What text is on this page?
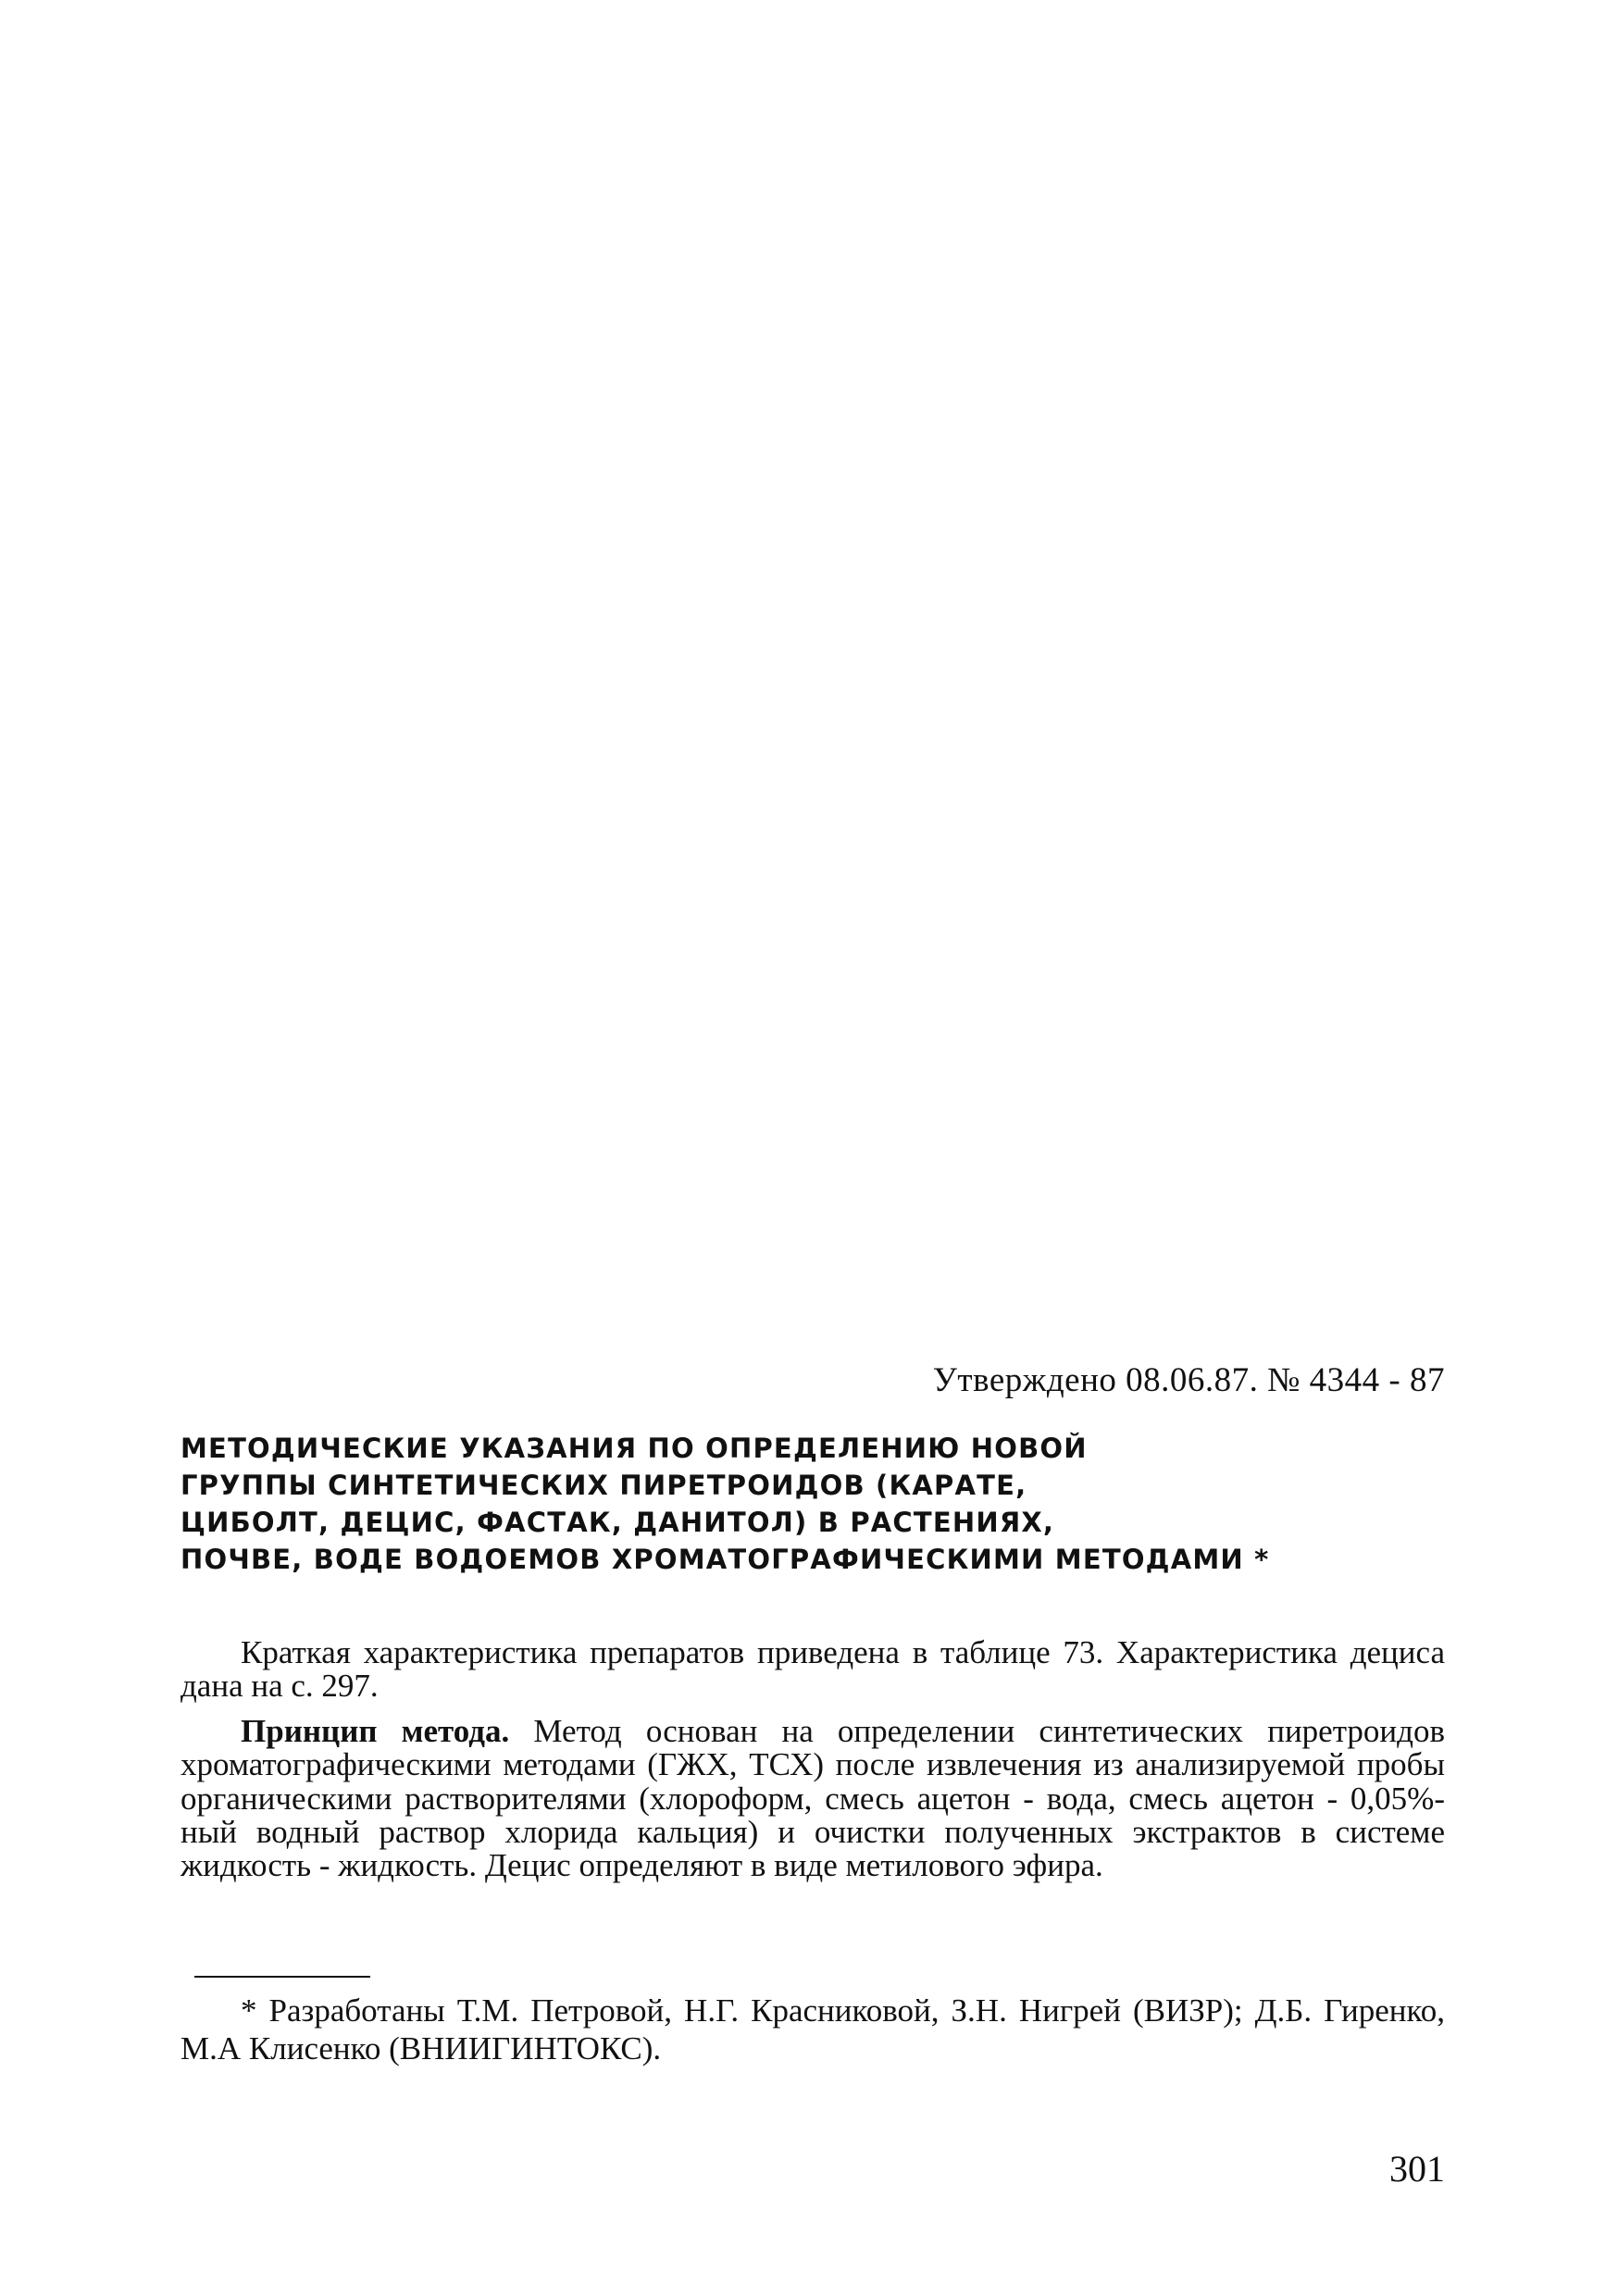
Утверждено 08.06.87. № 4344 - 87
МЕТОДИЧЕСКИЕ УКАЗАНИЯ ПО ОПРЕДЕЛЕНИЮ НОВОЙ
ГРУППЫ СИНТЕТИЧЕСКИХ ПИРЕТРОИДОВ (КАРАТЕ,
ЦИБОЛТ, ДЕЦИС, ФАСТАК, ДАНИТОЛ) В РАСТЕНИЯХ,
ПОЧВЕ, ВОДЕ ВОДОЕМОВ ХРОМАТОГРАФИЧЕСКИМИ МЕТОДАМИ *

Краткая характеристика препаратов приведена в таблице 73. Характеристика дециса дана на с. 297.

Принцип метода. Метод основан на определении синтетических пиретроидов хроматографическими методами (ГЖХ, ТСХ) после извлечения из анализируемой пробы органическими растворителями (хлороформ, смесь ацетон - вода, смесь ацетон - 0,05%-ный водный раствор хлорида кальция) и очистки полученных экстрактов в системе жидкость - жидкость. Децис определяют в виде метилового эфира.

* Разработаны Т.М. Петровой, Н.Г. Красниковой, З.Н. Нигрей (ВИЗР); Д.Б. Гиренко, М.А Клисенко (ВНИИГИНТОКС).

301
